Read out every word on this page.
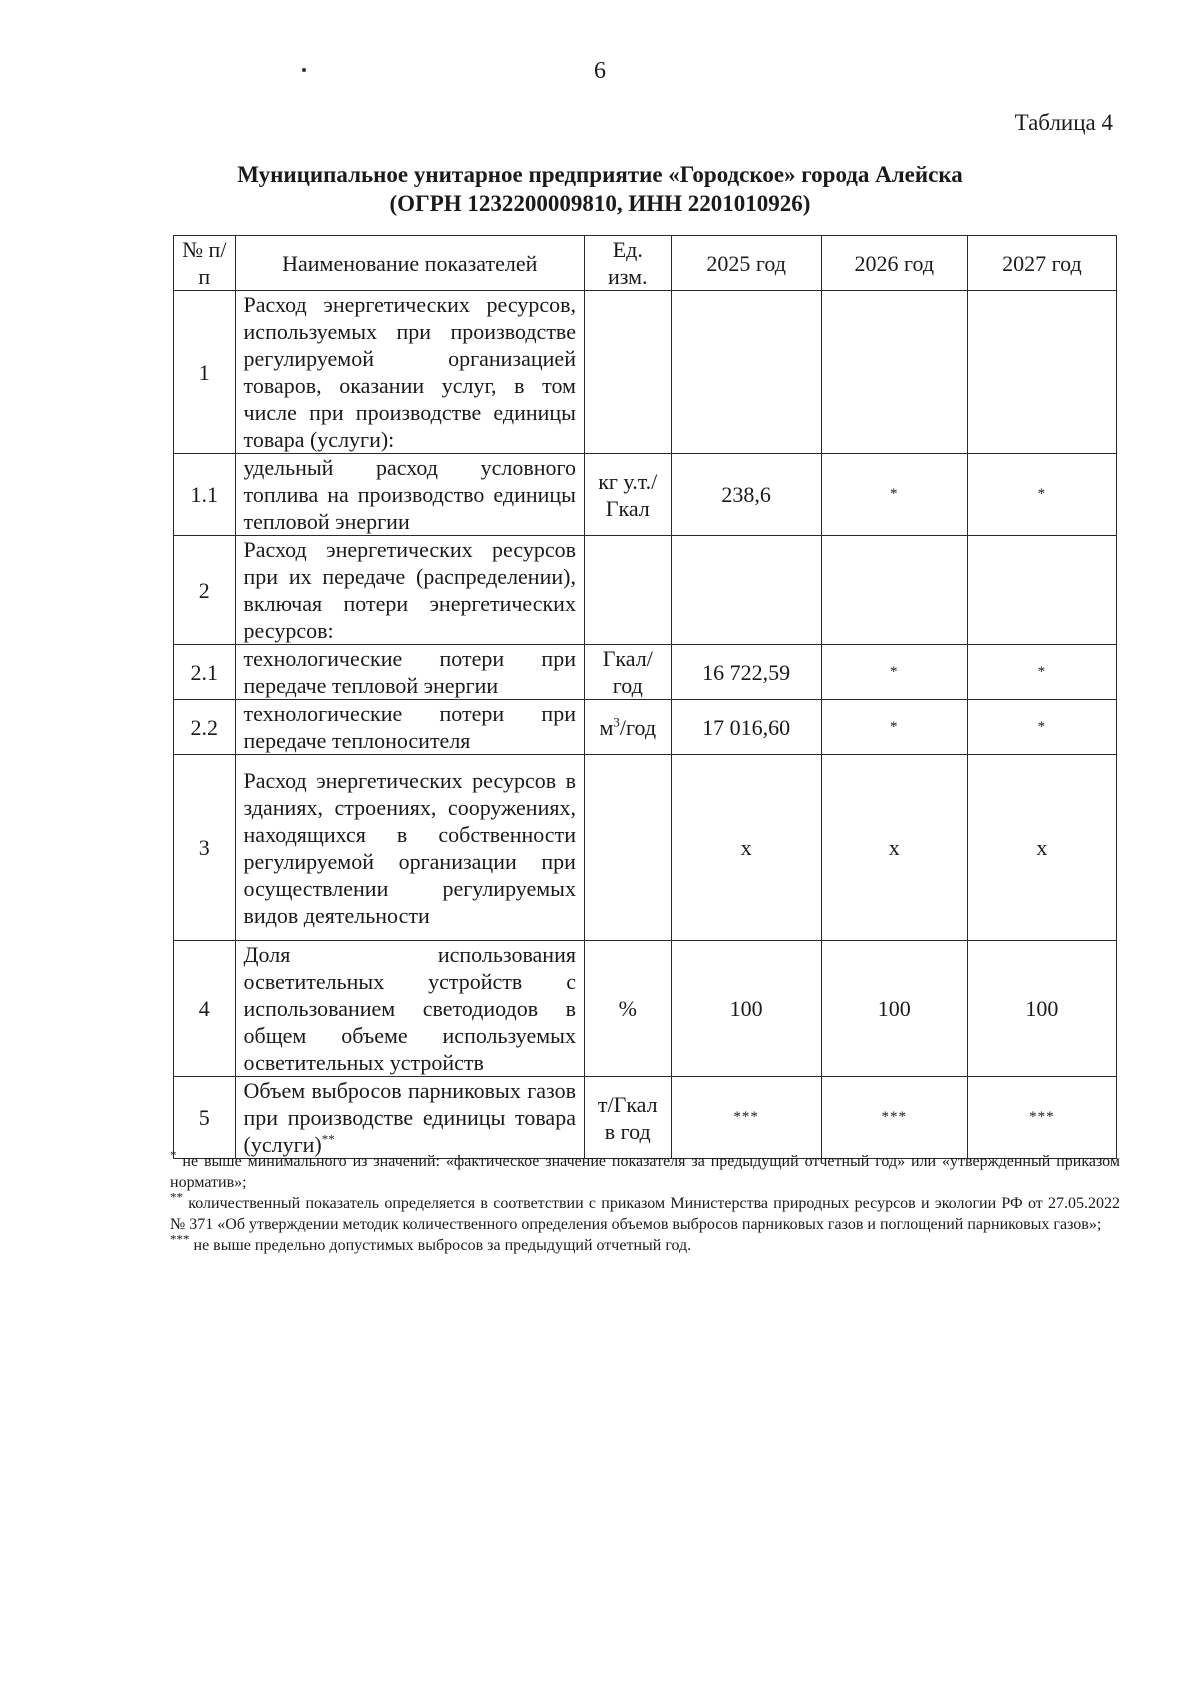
6
Таблица 4
Муниципальное унитарное предприятие «Городское» города Алейска
(ОГРН 1232200009810, ИНН 2201010926)
№ п/п	Наименование показателей	Ед. изм.	2025 год	2026 год	2027 год
1	Расход энергетических ресурсов, используемых при производстве регулируемой организацией товаров, оказании услуг, в том числе при производстве единицы товара (услуги):				
1.1	удельный расход условного топлива на производство единицы тепловой энергии	кг у.т./ Гкал	238,6	*	*
2	Расход энергетических ресурсов при их передаче (распределении), включая потери энергетических ресурсов:				
2.1	технологические потери при передаче тепловой энергии	Гкал/ год	16 722,59	*	*
2.2	технологические потери при передаче теплоносителя	$м^3$/год	17 016,60	*	*
3	Расход энергетических ресурсов в зданиях, строениях, сооружениях, находящихся в собственности регулируемой организации при осуществлении регулируемых видов деятельности		х	х	х
4	Доля использования осветительных устройств с использованием светодиодов в общем объеме используемых осветительных устройств	%	100	100	100
5	Объем выбросов парниковых газов при производстве единицы товара (услуги)**	т/Гкал в год	***	***	***

* не выше минимального из значений: «фактическое значение показателя за предыдущий отчетный год» или «утвержденный приказом норматив»;

** количественный показатель определяется в соответствии с приказом Министерства природных ресурсов и экологии РФ от 27.05.2022 № 371 «Об утверждении методик количественного определения объемов выбросов парниковых газов и поглощений парниковых газов»;

*** не выше предельно допустимых выбросов за предыдущий отчетный год.
